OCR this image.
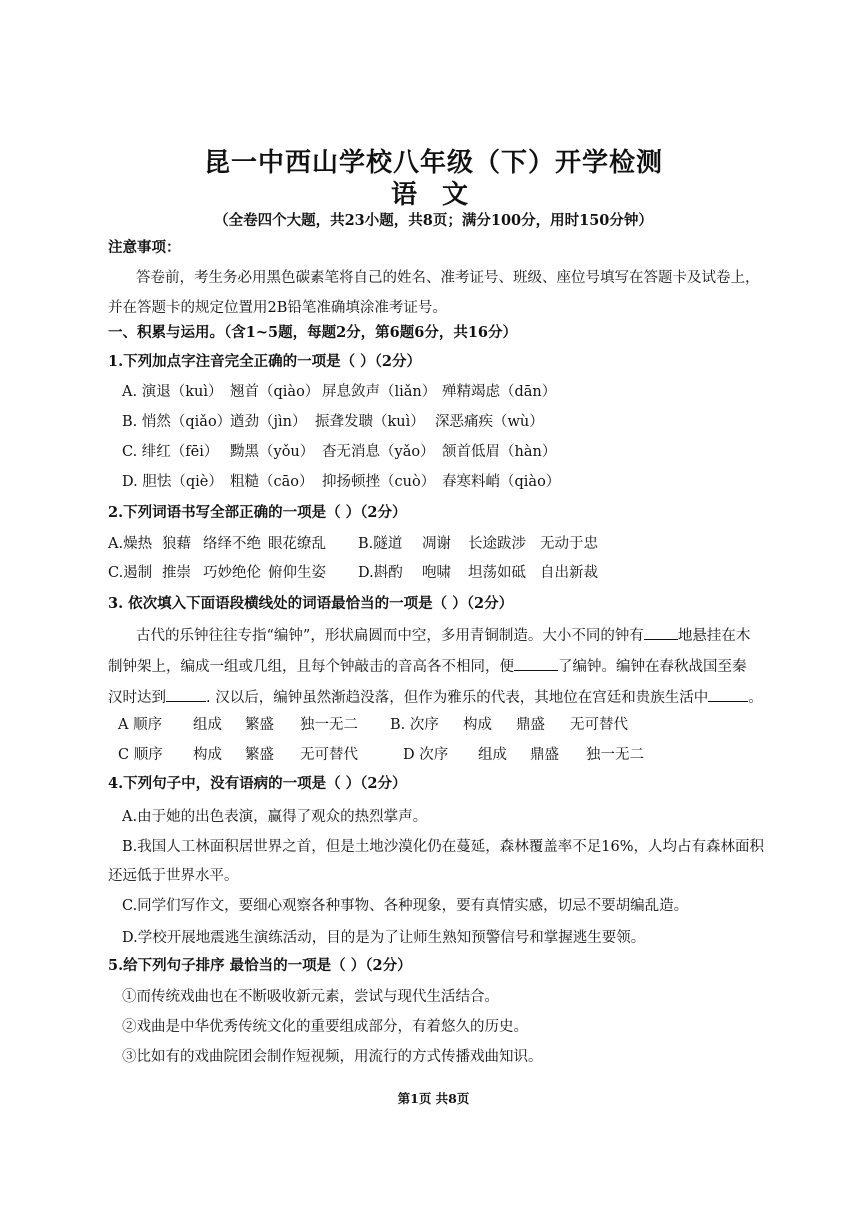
昆一中西山学校八年级（下）开学检测
语 文
（全卷四个大题，共23小题，共8页；满分100分，用时150分钟）
注意事项：
答卷前，考生务必用黑色碳素笔将自己的姓名、准考证号、班级、座位号填写在答题卡及试卷上，
并在答题卡的规定位置用2B铅笔准确填涂准考证号。
一、积累与运用。（含1~5题，每题2分，第6题6分，共16分）
1.下列加点字注音完全正确的一项是（ ）（2分）
A. 演退（kuì） 翘首（qiào） 屏息敛声（liǎn） 殚精竭虑（dān）
B. 悄然（qiǎo）
遒劲（jìn） 振聋发聩（kuì） 深恶痛疾（wù）
C. 绯红（fēi） 黝黑（yǒu） 杳无消息（yǎo） 颔首低眉（hàn）
D. 胆怯（qiè） 粗糙（cāo） 抑扬顿挫（cuò） 春寒料峭（qiào）
2.下列词语书写全部正确的一项是（ ）（2分）
A.燥热 狼藉 络绎不绝 眼花缭乱 B.隧道 凋谢 长途跋涉 无动于忠
C.遏制 推崇 巧妙绝伦 俯仰生姿 D.斟酌 咆啸 坦荡如砥 自出新裁
3. 依次填入下面语段横线处的词语最恰当的一项是（ ）（2分）
古代的乐钟往往专指“编钟”，形状扁圆而中空，多用青铜制造。大小不同的钟有 地悬挂在木
制钟架上，编成一组或几组，且每个钟敲击的音高各不相同，便	了编钟。编钟在春秋战国至秦
汉时达到	. 汉以后，编钟虽然渐趋没落，但作为雅乐的代表，其地位在宫廷和贵族生活中	。
A 顺序 组成 繁盛 独一无二 B. 次序 构成 鼎盛 无可替代
C 顺序 构成 繁盛 无可替代	D 次序 组成 鼎盛 独一无二
4.下列句子中，没有语病的一项是（ ）（2分）
A.由于她的出色表演，赢得了观众的热烈掌声。
B.我国人工林面积居世界之首，但是土地沙漠化仍在蔓延，森林覆盖率不足16%，人均占有森林面积
还远低于世界水平。
C.同学们写作文，要细心观察各种事物、各种现象，要有真情实感，切忌不要胡编乱造。
D.学校开展地震逃生演练活动，目的是为了让师生熟知预警信号和掌握逃生要领。
5.给下列句子排序 最恰当的一项是（ ）（2分）
①而传统戏曲也在不断吸收新元素，尝试与现代生活结合。
②戏曲是中华优秀传统文化的重要组成部分，有着悠久的历史。
③比如有的戏曲院团会制作短视频，用流行的方式传播戏曲知识。
第1页 共8页
